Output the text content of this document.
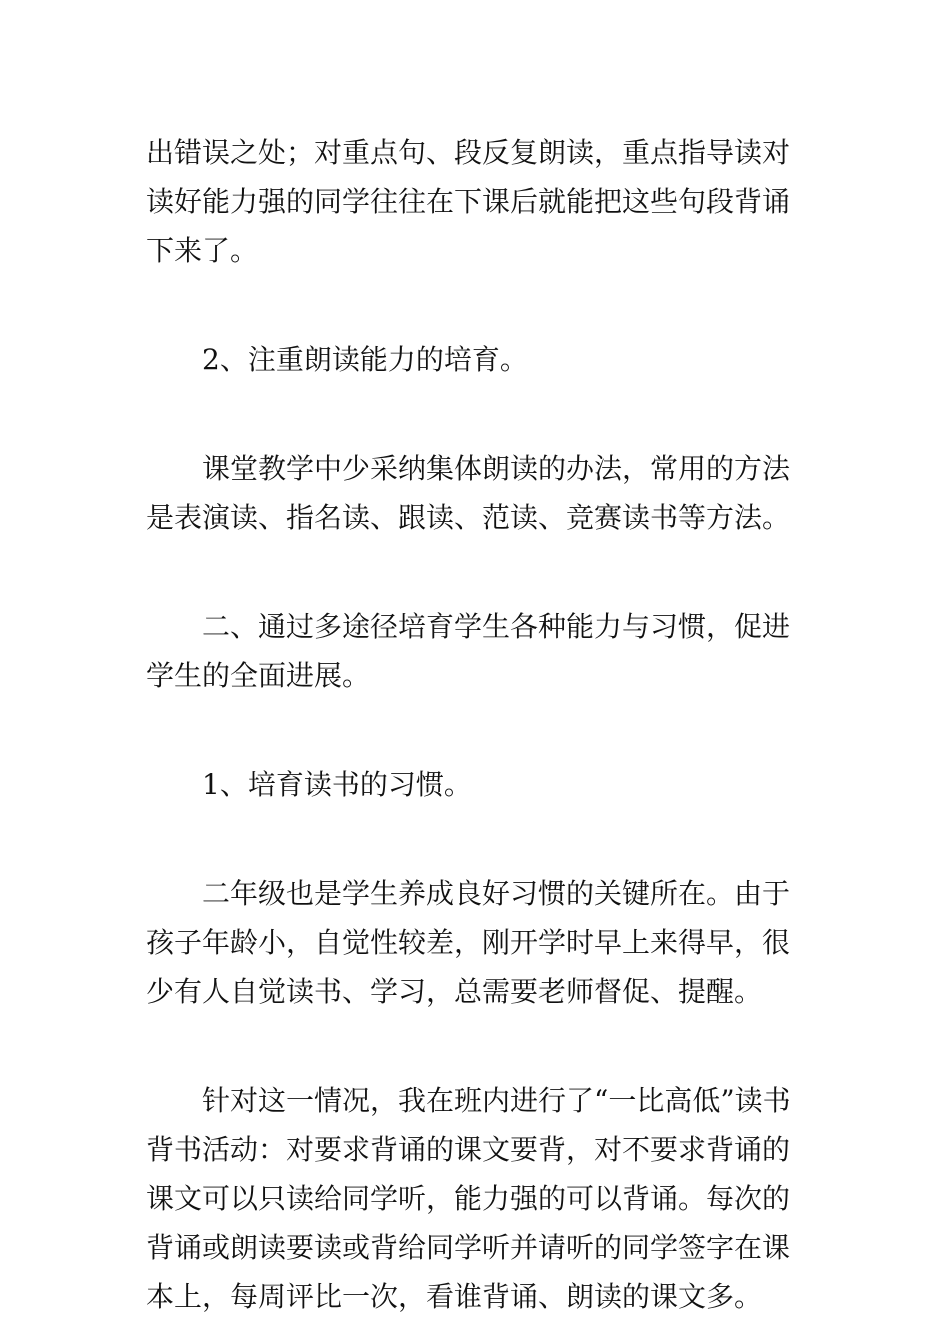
出错误之处；对重点句、段反复朗读，重点指导读对读好能力强的同学往往在下课后就能把这些句段背诵下来了。

2、注重朗读能力的培育。

课堂教学中少采纳集体朗读的办法，常用的方法是表演读、指名读、跟读、范读、竞赛读书等方法。

二、通过多途径培育学生各种能力与习惯，促进学生的全面进展。

1、培育读书的习惯。

二年级也是学生养成良好习惯的关键所在。由于孩子年龄小，自觉性较差，刚开学时早上来得早，很少有人自觉读书、学习，总需要老师督促、提醒。

针对这一情况，我在班内进行了“一比高低”读书背书活动：对要求背诵的课文要背，对不要求背诵的课文可以只读给同学听，能力强的可以背诵。每次的背诵或朗读要读或背给同学听并请听的同学签字在课本上，每周评比一次，看谁背诵、朗读的课文多。
